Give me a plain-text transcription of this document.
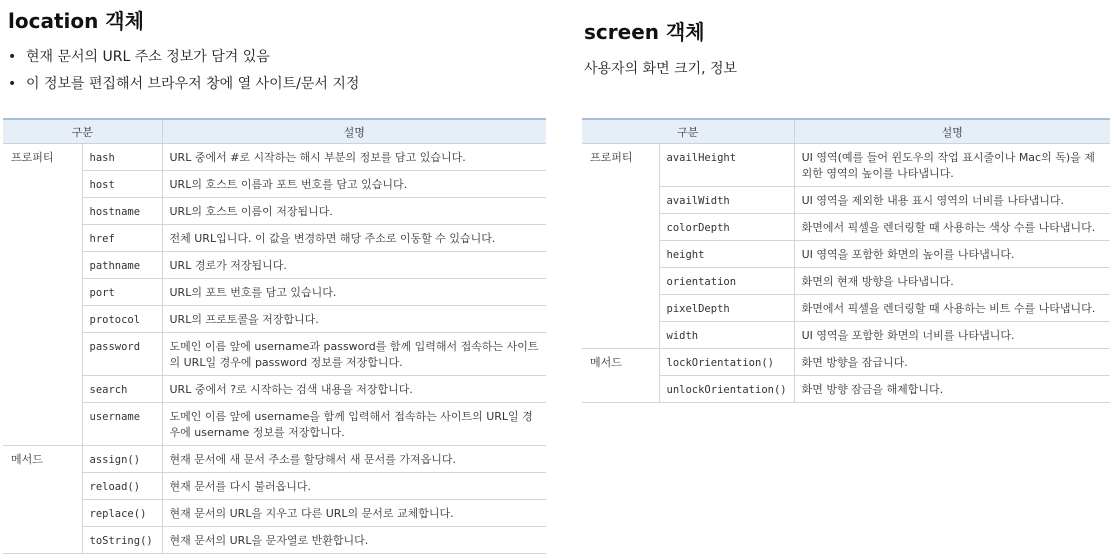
location 객체
• 현재 문서의 URL 주소 정보가 담겨 있음
• 이 정보를 편집해서 브라우저 창에 열 사이트/문서 지정
구분		설명
프로퍼티	hash	URL 중에서 #로 시작하는 해시 부분의 정보를 담고 있습니다.
	host	URL의 호스트 이름과 포트 번호를 담고 있습니다.
	hostname	URL의 호스트 이름이 저장됩니다.
	href	전체 URL입니다. 이 값을 변경하면 해당 주소로 이동할 수 있습니다.
	pathname	URL 경로가 저장됩니다.
	port	URL의 포트 번호를 담고 있습니다.
	protocol	URL의 프로토콜을 저장합니다.
	password	도메인 이름 앞에 username과 password를 함께 입력해서 접속하는 사이트의 URL일 경우에 password 정보를 저장합니다.
	search	URL 중에서 ?로 시작하는 검색 내용을 저장합니다.
	username	도메인 이름 앞에 username을 함께 입력해서 접속하는 사이트의 URL일 경우에 username 정보를 저장합니다.
메서드	assign()	현재 문서에 새 문서 주소를 할당해서 새 문서를 가져옵니다.
	reload()	현재 문서를 다시 불러옵니다.
	replace()	현재 문서의 URL을 지우고 다른 URL의 문서로 교체합니다.
	toString()	현재 문서의 URL을 문자열로 반환합니다.
screen 객체
사용자의 화면 크기, 정보
구분		설명
프로퍼티	availHeight	UI 영역(예를 들어 윈도우의 작업 표시줄이나 Mac의 독)을 제외한 영역의 높이를 나타냅니다.
	availWidth	UI 영역을 제외한 내용 표시 영역의 너비를 나타냅니다.
	colorDepth	화면에서 픽셀을 렌더링할 때 사용하는 색상 수를 나타냅니다.
	height	UI 영역을 포함한 화면의 높이를 나타냅니다.
	orientation	화면의 현재 방향을 나타냅니다.
	pixelDepth	화면에서 픽셀을 렌더링할 때 사용하는 비트 수를 나타냅니다.
	width	UI 영역을 포함한 화면의 너비를 나타냅니다.
메서드	lockOrientation()	화면 방향을 잠급니다.
	unlockOrientation()	화면 방향 잠금을 해제합니다.
